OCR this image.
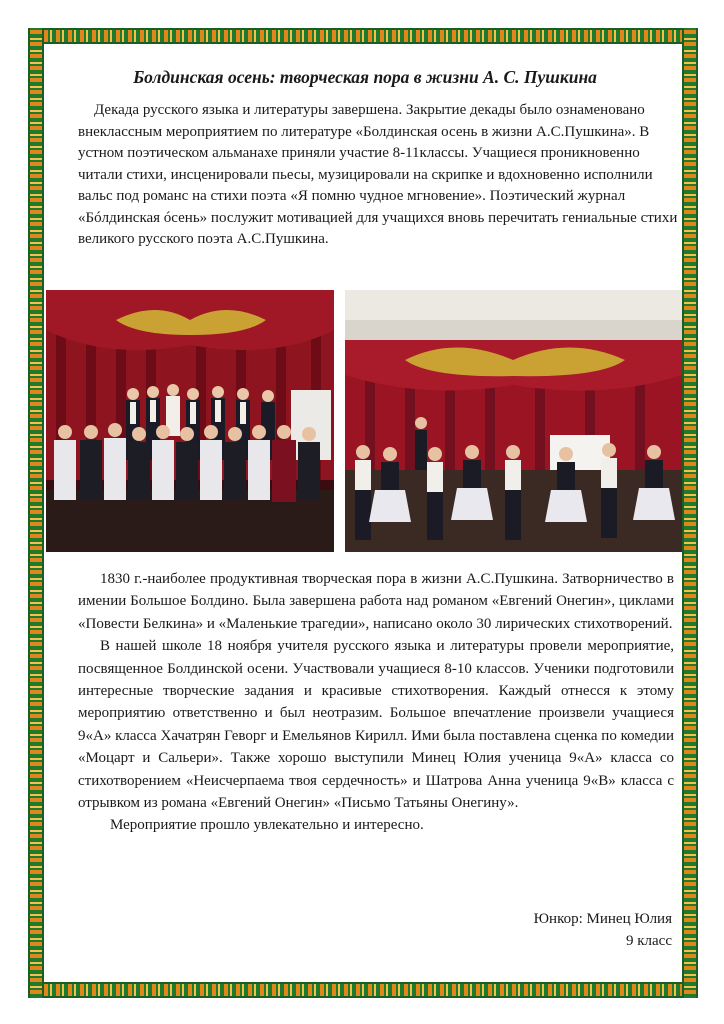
Болдинская осень: творческая пора в жизни А. С. Пушкина
Декада русского языка и литературы завершена. Закрытие декады было ознаменовано внеклассным мероприятием по литературе «Болдинская осень в жизни А.С.Пушкина». В устном поэтическом альманахе приняли участие 8-11классы. Учащиеся проникновенно читали стихи, инсценировали пьесы, музицировали на скрипке и вдохновенно исполнили вальс под романс на стихи поэта «Я помню чудное мгновение». Поэтический журнал «Бóлдинская óсень» послужит мотивацией для учащихся вновь перечитать гениальные стихи великого русского поэта А.С.Пушкина.

1830 г.-наиболее продуктивная творческая пора в жизни А.С.Пушкина. Затворничество в имении Большое Болдино. Была завершена работа над романом «Евгений Онегин», циклами «Повести Белкина» и «Маленькие трагедии», написано около 30 лирических стихотворений.

В нашей школе 18 ноября учителя русского языка и литературы провели мероприятие, посвященное Болдинской осени. Участвовали учащиеся 8-10 классов. Ученики подготовили интересные творческие задания и красивые стихотворения. Каждый отнесся к этому мероприятию ответственно и был неотразим. Большое впечатление произвели учащиеся 9«А» класса Хачатрян Геворг и Емельянов Кирилл. Ими была поставлена сценка по комедии «Моцарт и Сальери». Также хорошо выступили Минец Юлия ученица 9«А» класса со стихотворением «Неисчерпаема твоя сердечность» и Шатрова Анна ученица 9«В» класса с отрывком из романа «Евгений Онегин» «Письмо Татьяны Онегину».

Мероприятие прошло увлекательно и интересно.

Юнкор: Минец Юлия
9 класс
